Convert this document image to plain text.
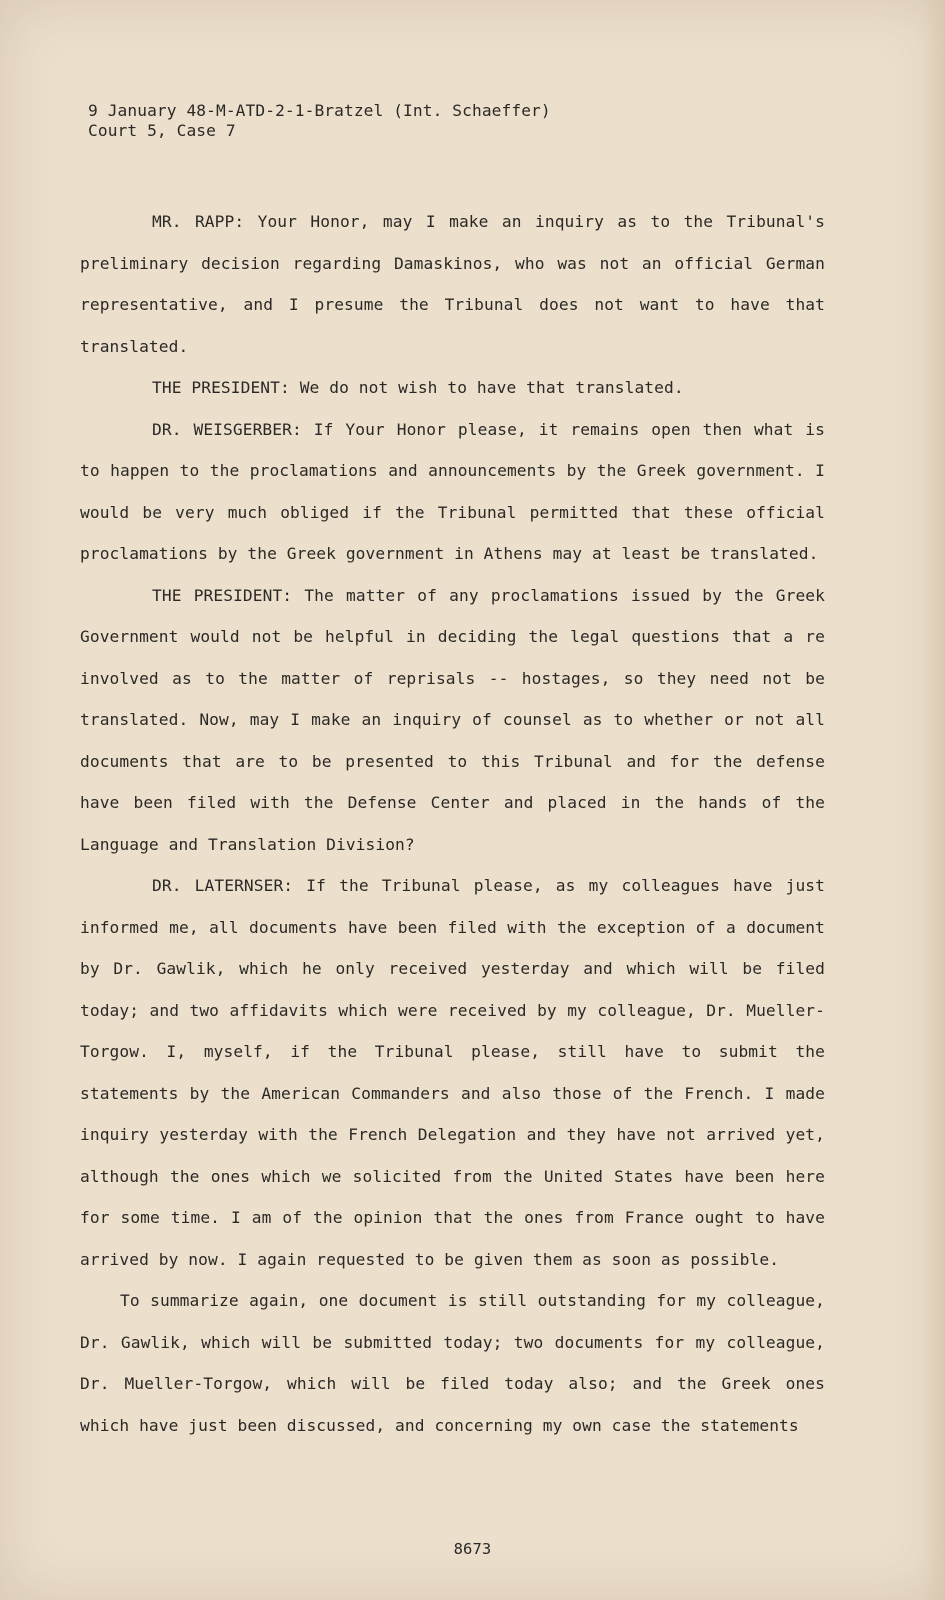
9 January 48-M-ATD-2-1-Bratzel (Int. Schaeffer)
Court 5, Case 7

MR. RAPP: Your Honor, may I make an inquiry as to the Tribunal's preliminary decision regarding Damaskinos, who was not an official German representative, and I presume the Tribunal does not want to have that translated.

THE PRESIDENT: We do not wish to have that translated.

DR. WEISGERBER: If Your Honor please, it remains open then what is to happen to the proclamations and announcements by the Greek government. I would be very much obliged if the Tribunal permitted that these official proclamations by the Greek government in Athens may at least be translated.

THE PRESIDENT: The matter of any proclamations issued by the Greek Government would not be helpful in deciding the legal questions that a re involved as to the matter of reprisals -- hostages, so they need not be translated. Now, may I make an inquiry of counsel as to whether or not all documents that are to be presented to this Tribunal and for the defense have been filed with the Defense Center and placed in the hands of the Language and Translation Division?

DR. LATERNSER: If the Tribunal please, as my colleagues have just informed me, all documents have been filed with the exception of a document by Dr. Gawlik, which he only received yesterday and which will be filed today; and two affidavits which were received by my colleague, Dr. Mueller-Torgow. I, myself, if the Tribunal please, still have to submit the statements by the American Commanders and also those of the French. I made inquiry yesterday with the French Delegation and they have not arrived yet, although the ones which we solicited from the United States have been here for some time. I am of the opinion that the ones from France ought to have arrived by now. I again requested to be given them as soon as possible.

To summarize again, one document is still outstanding for my colleague, Dr. Gawlik, which will be submitted today; two documents for my colleague, Dr. Mueller-Torgow, which will be filed today also; and the Greek ones which have just been discussed, and concerning my own case the statements

8673
